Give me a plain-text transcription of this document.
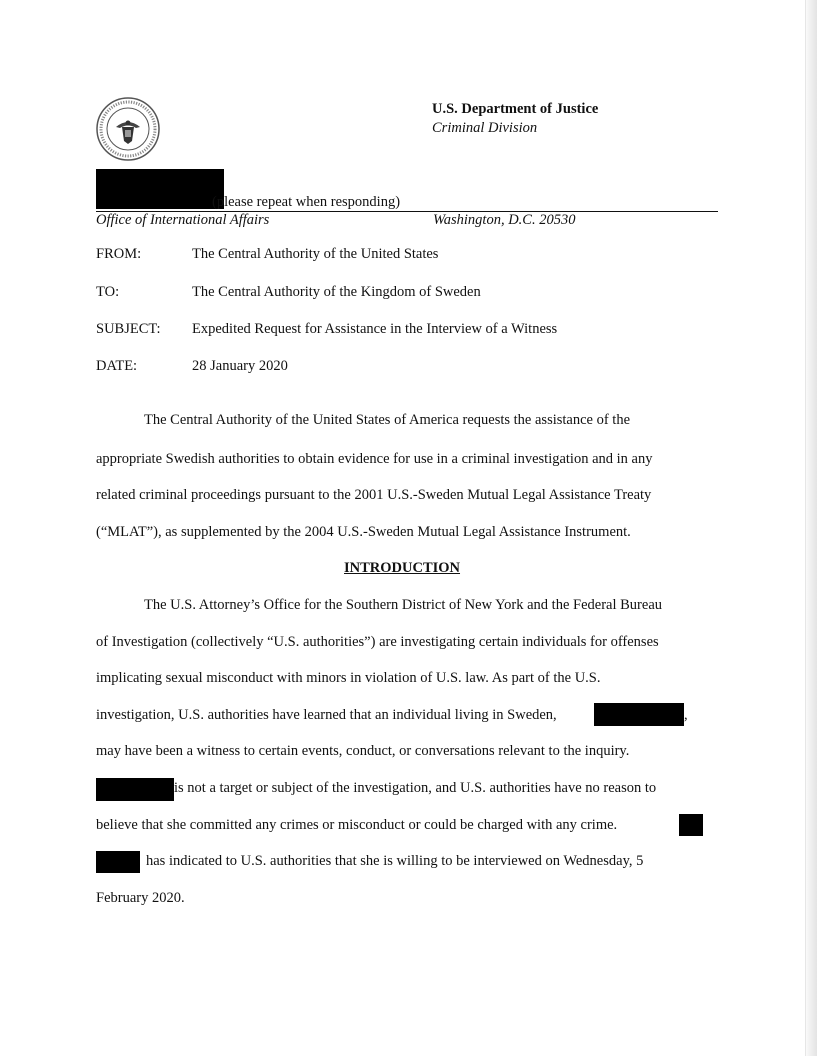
U.S. Department of Justice
Criminal Division
(please repeat when responding)
Office of International Affairs	Washington, D.C. 20530
FROM:	The Central Authority of the United States
TO:	The Central Authority of the Kingdom of Sweden
SUBJECT: Expedited Request for Assistance in the Interview of a Witness
DATE:	28 January 2020
The Central Authority of the United States of America requests the assistance of the
appropriate Swedish authorities to obtain evidence for use in a criminal investigation and in any
related criminal proceedings pursuant to the 2001 U.S.-Sweden Mutual Legal Assistance Treaty
(“MLAT”), as supplemented by the 2004 U.S.-Sweden Mutual Legal Assistance Instrument.
INTRODUCTION
The U.S. Attorney’s Office for the Southern District of New York and the Federal Bureau
of Investigation (collectively “U.S. authorities”) are investigating certain individuals for offenses
implicating sexual misconduct with minors in violation of U.S. law. As part of the U.S.
investigation, U.S. authorities have learned that an individual living in Sweden,	,
may have been a witness to certain events, conduct, or conversations relevant to the inquiry.
is not a target or subject of the investigation, and U.S. authorities have no reason to
believe that she committed any crimes or misconduct or could be charged with any crime.
has indicated to U.S. authorities that she is willing to be interviewed on Wednesday, 5
February 2020.
